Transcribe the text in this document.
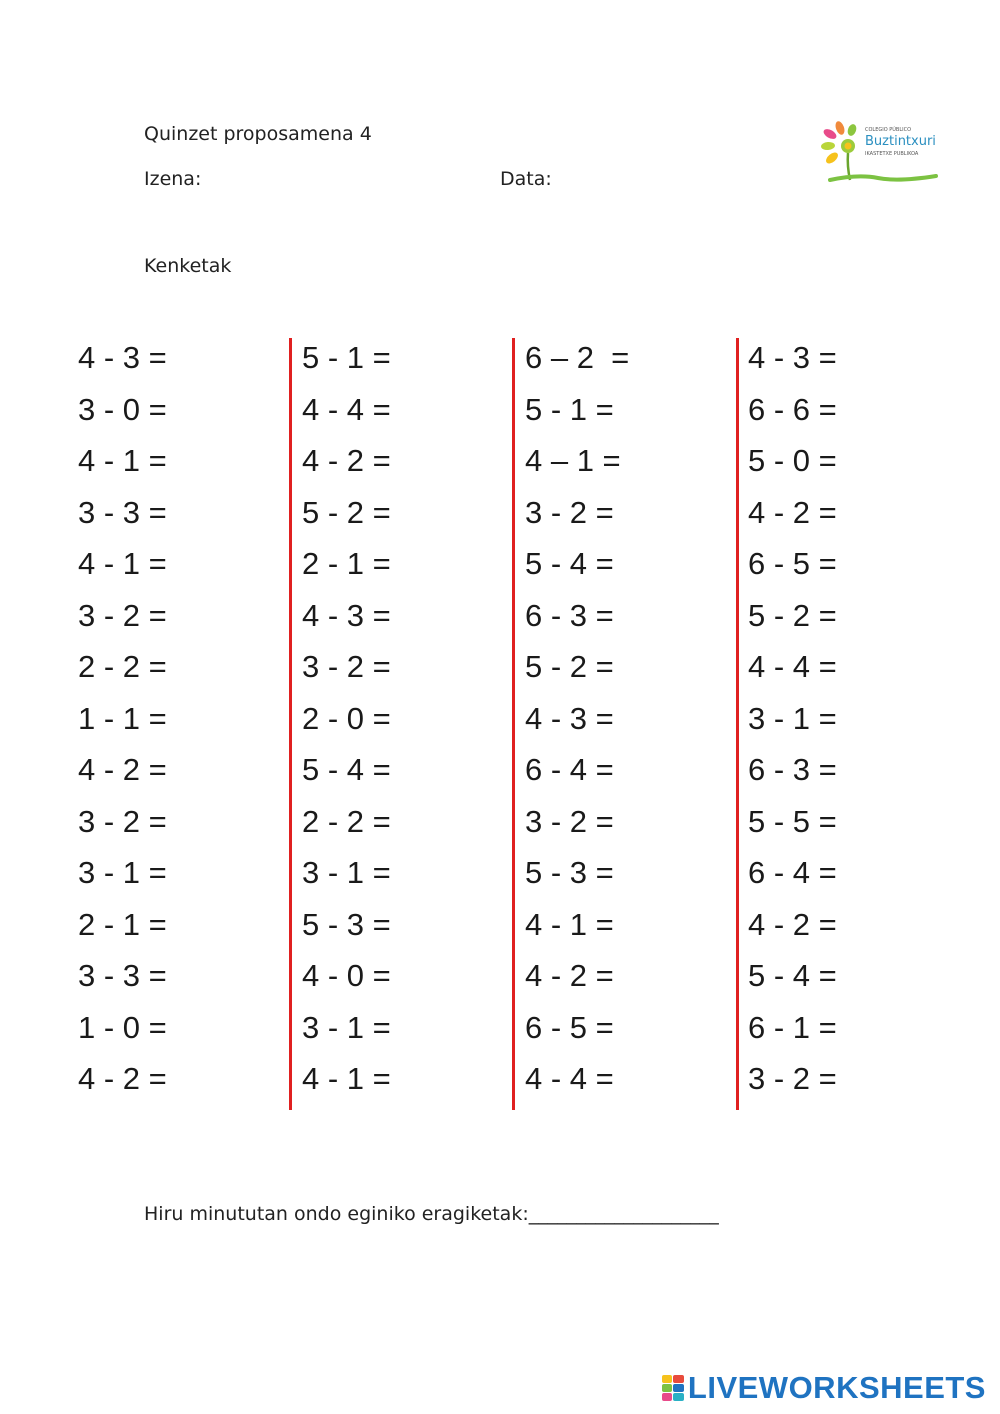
Quinzet proposamena 4
Izena:	Data:
Kenketak
COLEGIO PÚBLICO
Buztintxuri
IKASTETXE PUBLIKOA
4 - 3 =
3 - 0 =
4 - 1 =
3 - 3 =
4 - 1 =
3 - 2 =
2 - 2 =
1 - 1 =
4 - 2 =
3 - 2 =
3 - 1 =
2 - 1 =
3 - 3 =
1 - 0 =
4 - 2 =
5 - 1 =
4 - 4 =
4 - 2 =
5 - 2 =
2 - 1 =
4 - 3 =
3 - 2 =
2 - 0 =
5 - 4 =
2 - 2 =
3 - 1 =
5 - 3 =
4 - 0 =
3 - 1 =
4 - 1 =
6 – 2  =
5 - 1 =
4 – 1 =
3 - 2 =
5 - 4 =
6 - 3 =
5 - 2 =
4 - 3 =
6 - 4 =
3 - 2 =
5 - 3 =
4 - 1 =
4 - 2 =
6 - 5 =
4 - 4 =
4 - 3 =
6 - 6 =
5 - 0 =
4 - 2 =
6 - 5 =
5 - 2 =
4 - 4 =
3 - 1 =
6 - 3 =
5 - 5 =
6 - 4 =
4 - 2 =
5 - 4 =
6 - 1 =
3 - 2 =
Hiru minututan ondo eginiko eragiketak:____________________
LIVEWORKSHEETS
